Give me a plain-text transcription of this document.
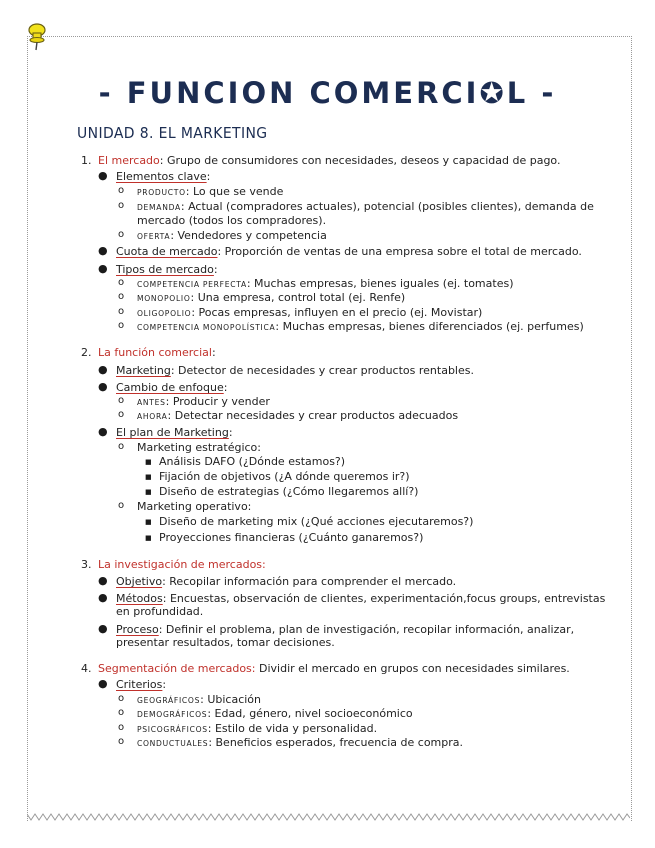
- FUNCION COMERCI✪L -
UNIDAD 8. EL MARKETING
1. El mercado: Grupo de consumidores con necesidades, deseos y capacidad de pago.
● Elementos clave:
o PRODUCTO: Lo que se vende
o DEMANDA: Actual (compradores actuales), potencial (posibles clientes), demanda de
mercado (todos los compradores).
o OFERTA: Vendedores y competencia
● Cuota de mercado: Proporción de ventas de una empresa sobre el total de mercado.
● Tipos de mercado:
o COMPETENCIA PERFECTA: Muchas empresas, bienes iguales (ej. tomates)
o MONOPOLIO: Una empresa, control total (ej. Renfe)
o OLIGOPOLIO: Pocas empresas, influyen en el precio (ej. Movistar)
o COMPETENCIA MONOPOLÍSTICA: Muchas empresas, bienes diferenciados (ej. perfumes)
2. La función comercial:
● Marketing: Detector de necesidades y crear productos rentables.
● Cambio de enfoque:
o ANTES: Producir y vender
o AHORA: Detectar necesidades y crear productos adecuados
● El plan de Marketing:
o Marketing estratégico:
■ Análisis DAFO (¿Dónde estamos?)
■ Fijación de objetivos (¿A dónde queremos ir?)
■ Diseño de estrategias (¿Cómo llegaremos allí?)
o Marketing operativo:
■ Diseño de marketing mix (¿Qué acciones ejecutaremos?)
■ Proyecciones financieras (¿Cuánto ganaremos?)
3. La investigación de mercados:
● Objetivo: Recopilar información para comprender el mercado.
● Métodos: Encuestas, observación de clientes, experimentación,focus groups, entrevistas
en profundidad.
● Proceso: Definir el problema, plan de investigación, recopilar información, analizar,
presentar resultados, tomar decisiones.
4. Segmentación de mercados: Dividir el mercado en grupos con necesidades similares.
● Criterios:
o GEOGRÁFICOS: Ubicación
o DEMOGRÁFICOS: Edad, género, nivel socioeconómico
o PSICOGRÁFICOS: Estilo de vida y personalidad.
o CONDUCTUALES: Beneficios esperados, frecuencia de compra.
